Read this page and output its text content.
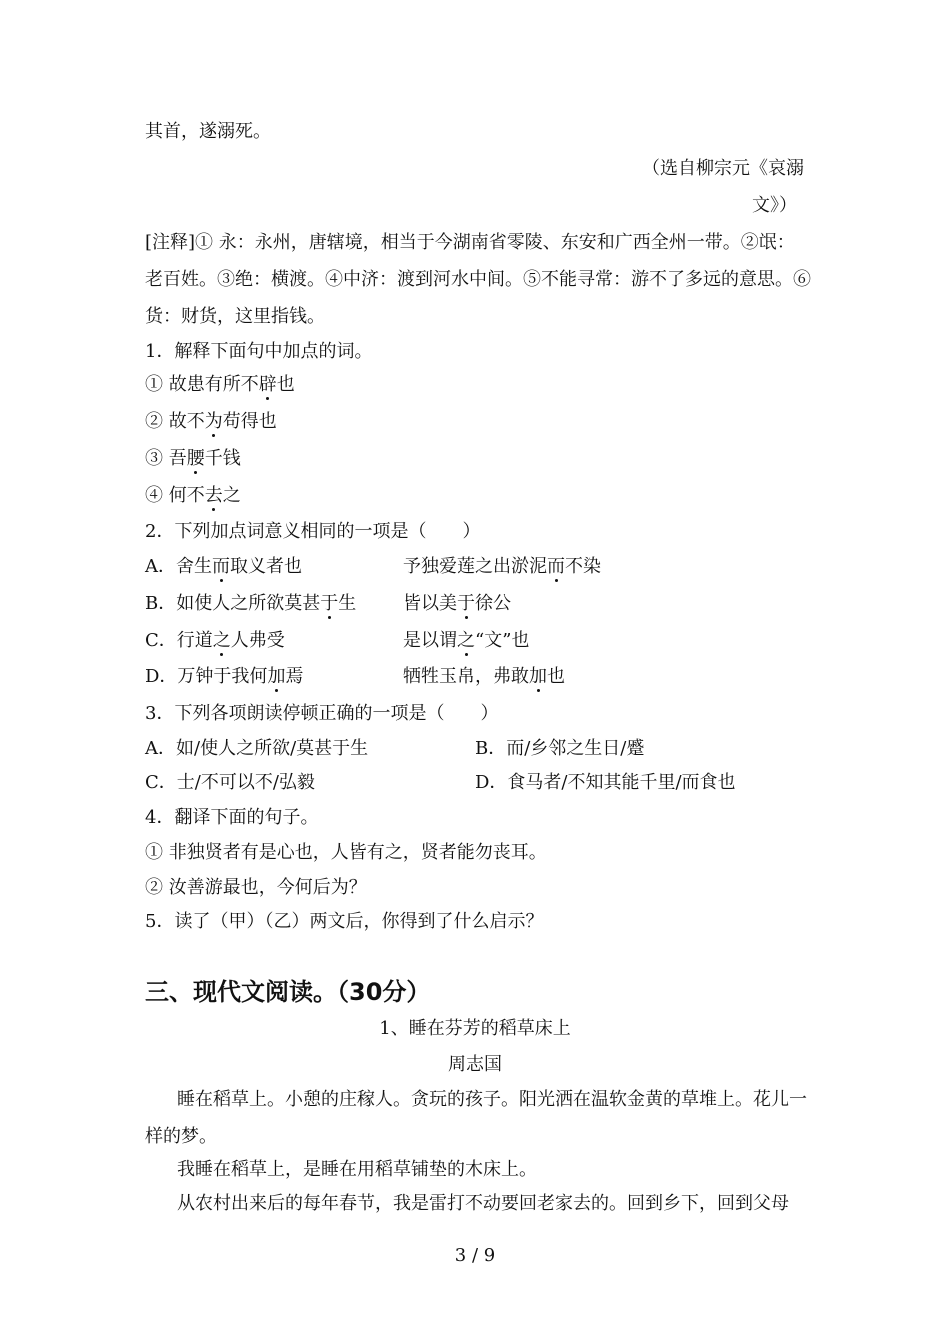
其首，遂溺死。
（选自柳宗元《哀溺
文》）
[注释]① 永：永州，唐辖境，相当于今湖南省零陵、东安和广西全州一带。②氓：
老百姓。③绝：横渡。④中济：渡到河水中间。⑤不能寻常：游不了多远的意思。⑥
货：财货，这里指钱。
1．解释下面句中加点的词。
① 故患有所不辟也
② 故不为苟得也
③ 吾腰千钱
④ 何不去之
2．下列加点词意义相同的一项是（　　）
A．舍生而取义者也	予独爱莲之出淤泥而不染
B．如使人之所欲莫甚于生	皆以美于徐公
C．行道之人弗受	是以谓之“文”也
D．万钟于我何加焉	牺牲玉帛，弗敢加也
3．下列各项朗读停顿正确的一项是（　　）
A．如/使人之所欲/莫甚于生	B．而/乡邻之生日/蹙
C．士/不可以不/弘毅	D．食马者/不知其能千里/而食也
4．翻译下面的句子。
① 非独贤者有是心也，人皆有之，贤者能勿丧耳。
② 汝善游最也，今何后为？
5．读了（甲）（乙）两文后，你得到了什么启示？
三、现代文阅读。（30分）
1、睡在芬芳的稻草床上
周志国
睡在稻草上。小憩的庄稼人。贪玩的孩子。阳光洒在温软金黄的草堆上。花儿一样的梦。
我睡在稻草上，是睡在用稻草铺垫的木床上。
从农村出来后的每年春节，我是雷打不动要回老家去的。回到乡下，回到父母
3 / 9
